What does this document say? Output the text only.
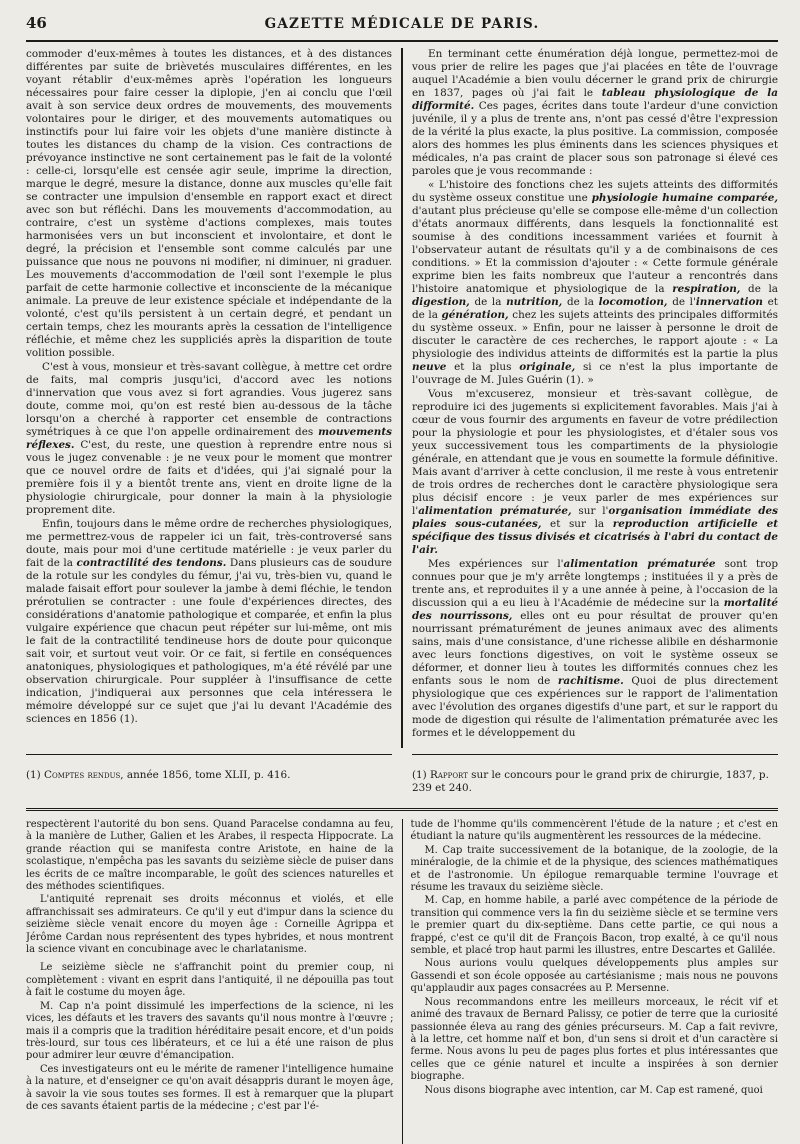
46	GAZETTE MÉDICALE DE PARIS.

commoder d'eux-mêmes à toutes les distances, et à des distances différentes par suite de brièvetés musculaires différentes, en les voyant rétablir d'eux-mêmes après l'opération les longueurs nécessaires pour faire cesser la diplopie, j'en ai conclu que l'œil avait à son service deux ordres de mouvements, des mouvements volontaires pour le diriger, et des mouvements automatiques ou instinctifs pour lui faire voir les objets d'une manière distincte à toutes les distances du champ de la vision. Ces contractions de prévoyance instinctive ne sont certainement pas le fait de la volonté : celle-ci, lorsqu'elle est censée agir seule, imprime la direction, marque le degré, mesure la distance, donne aux muscles qu'elle fait se contracter une impulsion d'ensemble en rapport exact et direct avec son but réfléchi. Dans les mouvements d'accommodation, au contraire, c'est un système d'actions complexes, mais toutes harmonisées vers un but inconscient et involontaire, et dont le degré, la précision et l'ensemble sont comme calculés par une puissance que nous ne pouvons ni modifier, ni diminuer, ni graduer. Les mouvements d'accommodation de l'œil sont l'exemple le plus parfait de cette harmonie collective et inconsciente de la mécanique animale. La preuve de leur existence spéciale et indépendante de la volonté, c'est qu'ils persistent à un certain degré, et pendant un certain temps, chez les mourants après la cessation de l'intelligence réfléchie, et même chez les suppliciés après la disparition de toute volition possible.

C'est à vous, monsieur et très-savant collègue, à mettre cet ordre de faits, mal compris jusqu'ici, d'accord avec les notions d'innervation que vous avez si fort agrandies. Vous jugerez sans doute, comme moi, qu'on est resté bien au-dessous de la tâche lorsqu'on a cherché à rapporter cet ensemble de contractions symétriques à ce que l'on appelle ordinairement des mouvements réflexes. C'est, du reste, une question à reprendre entre nous si vous le jugez convenable : je ne veux pour le moment que montrer que ce nouvel ordre de faits et d'idées, qui j'ai signalé pour la première fois il y a bientôt trente ans, vient en droite ligne de la physiologie chirurgicale, pour donner la main à la physiologie proprement dite.

Enfin, toujours dans le même ordre de recherches physiologiques, me permettrez-vous de rappeler ici un fait, très-controversé sans doute, mais pour moi d'une certitude matérielle : je veux parler du fait de la contractilité des tendons. Dans plusieurs cas de soudure de la rotule sur les condyles du fémur, j'ai vu, très-bien vu, quand le malade faisait effort pour soulever la jambe à demi fléchie, le tendon prérotulien se contracter : une foule d'expériences directes, des considérations d'anatomie pathologique et comparée, et enfin la plus vulgaire expérience que chacun peut répéter sur lui-même, ont mis le fait de la contractilité tendineuse hors de doute pour quiconque sait voir, et surtout veut voir. Or ce fait, si fertile en conséquences anatoniques, physiologiques et pathologiques, m'a été révélé par une observation chirurgicale. Pour suppléer à l'insuffisance de cette indication, j'indiquerai aux personnes que cela intéressera le mémoire développé sur ce sujet que j'ai lu devant l'Académie des sciences en 1856 (1).

En terminant cette énumération déjà longue, permettez-moi de vous prier de relire les pages que j'ai placées en tête de l'ouvrage auquel l'Académie a bien voulu décerner le grand prix de chirurgie en 1837, pages où j'ai fait le tableau physiologique de la difformité. Ces pages, écrites dans toute l'ardeur d'une conviction juvénile, il y a plus de trente ans, n'ont pas cessé d'être l'expression de la vérité la plus exacte, la plus positive. La commission, composée alors des hommes les plus éminents dans les sciences physiques et médicales, n'a pas craint de placer sous son patronage si élevé ces paroles que je vous recommande :

« L'histoire des fonctions chez les sujets atteints des difformités du système osseux constitue une physiologie humaine comparée, d'autant plus précieuse qu'elle se compose elle-même d'un collection d'états anormaux différents, dans lesquels la fonctionnalité est soumise à des conditions incessamment variées et fournit à l'observateur autant de résultats qu'il y a de combinaisons de ces conditions. » Et la commission d'ajouter : « Cette formule générale exprime bien les faits nombreux que l'auteur a rencontrés dans l'histoire anatomique et physiologique de la respiration, de la digestion, de la nutrition, de la locomotion, de l'innervation et de la génération, chez les sujets atteints des principales difformités du système osseux. » Enfin, pour ne laisser à personne le droit de discuter le caractère de ces recherches, le rapport ajoute : « La physiologie des individus atteints de difformités est la partie la plus neuve et la plus originale, si ce n'est la plus importante de l'ouvrage de M. Jules Guérin (1). »

Vous m'excuserez, monsieur et très-savant collègue, de reproduire ici des jugements si explicitement favorables. Mais j'ai à cœur de vous fournir des arguments en faveur de votre prédilection pour la physiologie et pour les physiologistes, et d'étaler sous vos yeux successivement tous les compartiments de la physiologie générale, en attendant que je vous en soumette la formule définitive. Mais avant d'arriver à cette conclusion, il me reste à vous entretenir de trois ordres de recherches dont le caractère physiologique sera plus décisif encore : je veux parler de mes expériences sur l'alimentation prématurée, sur l'organisation immédiate des plaies sous-cutanées, et sur la reproduction artificielle et spécifique des tissus divisés et cicatrisés à l'abri du contact de l'air.

Mes expériences sur l'alimentation prématurée sont trop connues pour que je m'y arrête longtemps ; instituées il y a près de trente ans, et reproduites il y a une année à peine, à l'occasion de la discussion qui a eu lieu à l'Académie de médecine sur la mortalité des nourrissons, elles ont eu pour résultat de prouver qu'en nourrissant prématurément de jeunes animaux avec des aliments sains, mais d'une consistance, d'une richesse alibile en désharmonie avec leurs fonctions digestives, on voit le système osseux se déformer, et donner lieu à toutes les difformités connues chez les enfants sous le nom de rachitisme. Quoi de plus directement physiologique que ces expériences sur le rapport de l'alimentation avec l'évolution des organes digestifs d'une part, et sur le rapport du mode de digestion qui résulte de l'alimentation prématurée avec les formes et le développement du

(1) Comptes rendus, année 1856, tome XLII, p. 416.	(1) Rapport sur le concours pour le grand prix de chirurgie, 1837, p. 239 et 240.

respectèrent l'autorité du bon sens. Quand Paracelse condamna au feu, à la manière de Luther, Galien et les Arabes, il respecta Hippocrate. La grande réaction qui se manifesta contre Aristote, en haine de la scolastique, n'empêcha pas les savants du seizième siècle de puiser dans les écrits de ce maître incomparable, le goût des sciences naturelles et des méthodes scientifiques.

L'antiquité reprenait ses droits méconnus et violés, et elle affranchissait ses admirateurs. Ce qu'il y eut d'impur dans la science du seizième siècle venait encore du moyen âge : Corneille Agrippa et Jérôme Cardan nous représentent des types hybrides, et nous montrent la science vivant en concubinage avec le charlatanisme.

Le seizième siècle ne s'affranchit point du premier coup, ni complètement : vivant en esprit dans l'antiquité, il ne dépouilla pas tout à fait le costume du moyen âge.

M. Cap n'a point dissimulé les imperfections de la science, ni les vices, les défauts et les travers des savants qu'il nous montre à l'œuvre ; mais il a compris que la tradition héréditaire pesait encore, et d'un poids très-lourd, sur tous ces libérateurs, et ce lui a été une raison de plus pour admirer leur œuvre d'émancipation.

Ces investigateurs ont eu le mérite de ramener l'intelligence humaine à la nature, et d'enseigner ce qu'on avait désappris durant le moyen âge, à savoir la vie sous toutes ses formes. Il est à remarquer que la plupart de ces savants étaient partis de la médecine ; c'est par l'é-

tude de l'homme qu'ils commencèrent l'étude de la nature ; et c'est en étudiant la nature qu'ils augmentèrent les ressources de la médecine.

M. Cap traite successivement de la botanique, de la zoologie, de la minéralogie, de la chimie et de la physique, des sciences mathématiques et de l'astronomie. Un épilogue remarquable termine l'ouvrage et résume les travaux du seizième siècle.

M. Cap, en homme habile, a parlé avec compétence de la période de transition qui commence vers la fin du seizième siècle et se termine vers le premier quart du dix-septième. Dans cette partie, ce qui nous a frappé, c'est ce qu'il dit de François Bacon, trop exalté, à ce qu'il nous semble, et placé trop haut parmi les illustres, entre Descartes et Galilée.

Nous aurions voulu quelques développements plus amples sur Gassendi et son école opposée au cartésianisme ; mais nous ne pouvons qu'applaudir aux pages consacrées au P. Mersenne.

Nous recommandons entre les meilleurs morceaux, le récit vif et animé des travaux de Bernard Palissy, ce potier de terre que la curiosité passionnée éleva au rang des génies précurseurs. M. Cap a fait revivre, à la lettre, cet homme naïf et bon, d'un sens si droit et d'un caractère si ferme. Nous avons lu peu de pages plus fortes et plus intéressantes que celles que ce génie naturel et inculte a inspirées à son dernier biographe.

Nous disons biographe avec intention, car M. Cap est ramené, quoi
